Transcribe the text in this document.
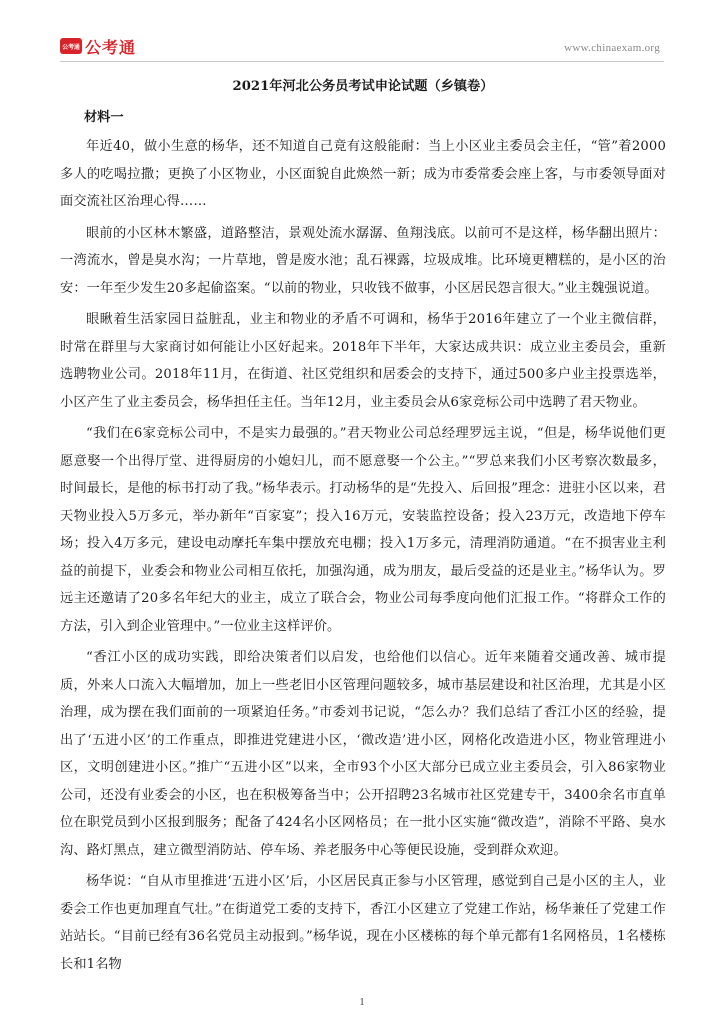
公考通 公考通	www.chinaexam.org
2021年河北公务员考试申论试题（乡镇卷）
材料一

年近40，做小生意的杨华，还不知道自己竟有这般能耐：当上小区业主委员会主任，“管”着2000多人的吃喝拉撒；更换了小区物业，小区面貌自此焕然一新；成为市委常委会座上客，与市委领导面对面交流社区治理心得……

眼前的小区林木繁盛，道路整洁，景观处流水潺潺、鱼翔浅底。以前可不是这样，杨华翻出照片：一湾流水，曾是臭水沟；一片草地，曾是废水池；乱石裸露，垃圾成堆。比环境更糟糕的，是小区的治安：一年至少发生20多起偷盗案。“以前的物业，只收钱不做事，小区居民怨言很大。”业主魏强说道。

眼瞅着生活家园日益脏乱，业主和物业的矛盾不可调和，杨华于2016年建立了一个业主微信群，时常在群里与大家商讨如何能让小区好起来。2018年下半年，大家达成共识：成立业主委员会，重新选聘物业公司。2018年11月，在街道、社区党组织和居委会的支持下，通过500多户业主投票选举，小区产生了业主委员会，杨华担任主任。当年12月，业主委员会从6家竞标公司中选聘了君天物业。

“我们在6家竞标公司中，不是实力最强的。”君天物业公司总经理罗远主说，“但是，杨华说他们更愿意娶一个出得厅堂、进得厨房的小媳妇儿，而不愿意娶一个公主。”“罗总来我们小区考察次数最多，时间最长，是他的标书打动了我。”杨华表示。打动杨华的是“先投入、后回报”理念：进驻小区以来，君天物业投入5万多元，举办新年“百家宴”；投入16万元，安装监控设备；投入23万元，改造地下停车场；投入4万多元，建设电动摩托车集中摆放充电棚；投入1万多元，清理消防通道。“在不损害业主利益的前提下，业委会和物业公司相互依托，加强沟通，成为朋友，最后受益的还是业主。”杨华认为。罗远主还邀请了20多名年纪大的业主，成立了联合会，物业公司每季度向他们汇报工作。“将群众工作的方法，引入到企业管理中。”一位业主这样评价。

“香江小区的成功实践，即给决策者们以启发，也给他们以信心。近年来随着交通改善、城市提质，外来人口流入大幅增加，加上一些老旧小区管理问题较多，城市基层建设和社区治理，尤其是小区治理，成为摆在我们面前的一项紧迫任务。”市委刘书记说，“怎么办？我们总结了香江小区的经验，提出了‘五进小区’的工作重点，即推进党建进小区，‘微改造’进小区，网格化改造进小区，物业管理进小区，文明创建进小区。”推广“五进小区”以来，全市93个小区大部分已成立业主委员会，引入86家物业公司，还没有业委会的小区，也在积极筹备当中；公开招聘23名城市社区党建专干，3400余名市直单位在职党员到小区报到服务；配备了424名小区网格员；在一批小区实施“微改造”，消除不平路、臭水沟、路灯黑点，建立微型消防站、停车场、养老服务中心等便民设施，受到群众欢迎。

杨华说：“自从市里推进‘五进小区’后，小区居民真正参与小区管理，感觉到自己是小区的主人，业委会工作也更加理直气壮。”在街道党工委的支持下，香江小区建立了党建工作站，杨华兼任了党建工作站站长。“目前已经有36名党员主动报到。”杨华说，现在小区楼栋的每个单元都有1名网格员，1名楼栋长和1名物

1
